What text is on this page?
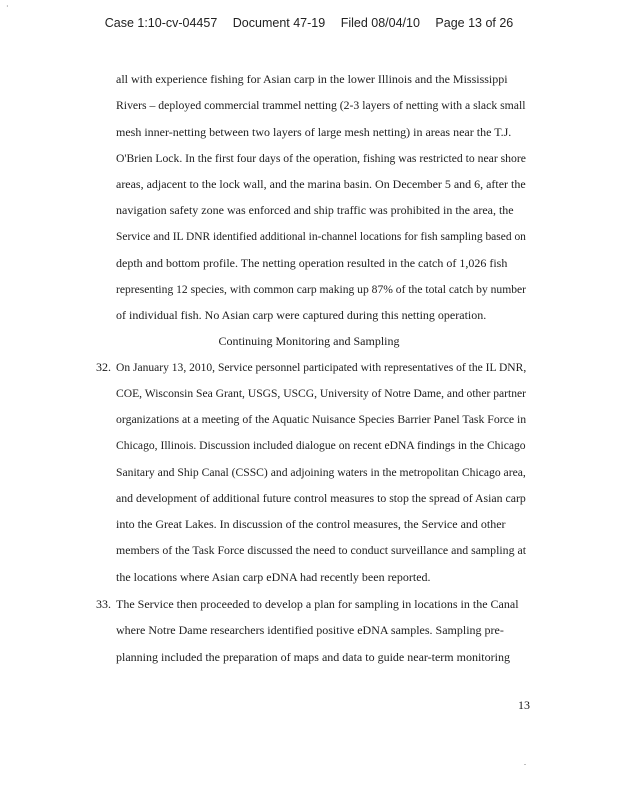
·
Case 1:10-cv-04457 Document 47-19 Filed 08/04/10 Page 13 of 26
all with experience fishing for Asian carp in the lower Illinois and the Mississippi
Rivers – deployed commercial trammel netting (2-3 layers of netting with a slack small
mesh inner-netting between two layers of large mesh netting) in areas near the T.J.
O'Brien Lock. In the first four days of the operation, fishing was restricted to near shore
areas, adjacent to the lock wall, and the marina basin. On December 5 and 6, after the
navigation safety zone was enforced and ship traffic was prohibited in the area, the
Service and IL DNR identified additional in-channel locations for fish sampling based on
depth and bottom profile. The netting operation resulted in the catch of 1,026 fish
representing 12 species, with common carp making up 87% of the total catch by number
of individual fish. No Asian carp were captured during this netting operation.
Continuing Monitoring and Sampling
32. On January 13, 2010, Service personnel participated with representatives of the IL DNR,
COE, Wisconsin Sea Grant, USGS, USCG, University of Notre Dame, and other partner
organizations at a meeting of the Aquatic Nuisance Species Barrier Panel Task Force in
Chicago, Illinois. Discussion included dialogue on recent eDNA findings in the Chicago
Sanitary and Ship Canal (CSSC) and adjoining waters in the metropolitan Chicago area,
and development of additional future control measures to stop the spread of Asian carp
into the Great Lakes. In discussion of the control measures, the Service and other
members of the Task Force discussed the need to conduct surveillance and sampling at
the locations where Asian carp eDNA had recently been reported.
33. The Service then proceeded to develop a plan for sampling in locations in the Canal
where Notre Dame researchers identified positive eDNA samples. Sampling pre-
planning included the preparation of maps and data to guide near-term monitoring
13
.
